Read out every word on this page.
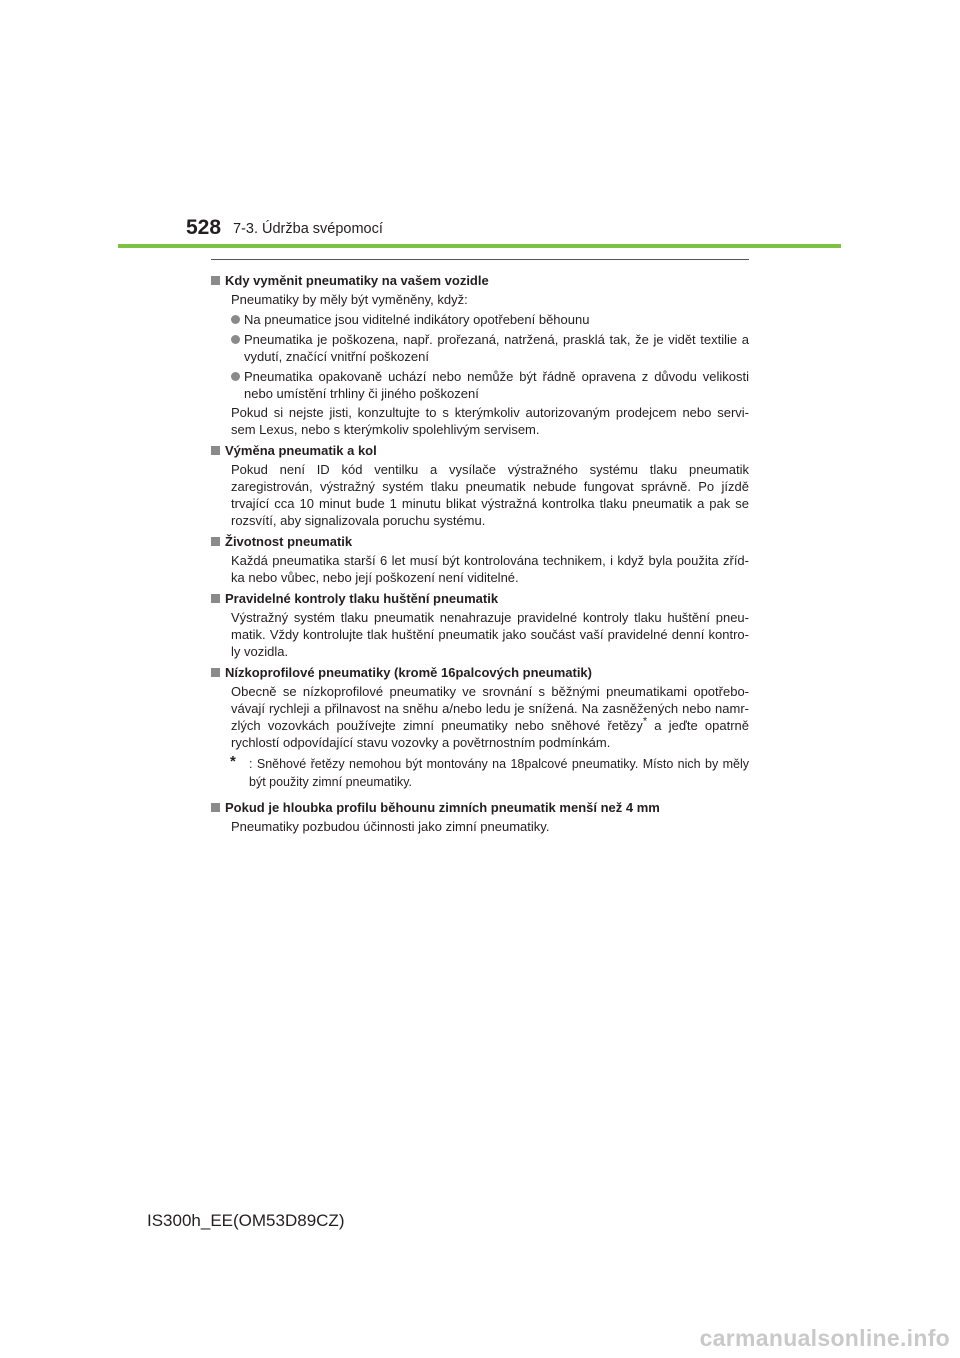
528 7-3. Údržba svépomocí
Kdy vyměnit pneumatiky na vašem vozidle
Pneumatiky by měly být vyměněny, když:
Na pneumatice jsou viditelné indikátory opotřebení běhounu
Pneumatika je poškozena, např. prořezaná, natržená, prasklá tak, že je vidět textilie a vydutí, značící vnitřní poškození
Pneumatika opakovaně uchází nebo nemůže být řádně opravena z důvodu velikosti nebo umístění trhliny či jiného poškození
Pokud si nejste jisti, konzultujte to s kterýmkoliv autorizovaným prodejcem nebo servi-sem Lexus, nebo s kterýmkoliv spolehlivým servisem.
Výměna pneumatik a kol
Pokud není ID kód ventilku a vysílače výstražného systému tlaku pneumatik zaregistrován, výstražný systém tlaku pneumatik nebude fungovat správně. Po jízdě trvající cca 10 minut bude 1 minutu blikat výstražná kontrolka tlaku pneumatik a pak se rozsvítí, aby signalizovala poruchu systému.
Životnost pneumatik
Každá pneumatika starší 6 let musí být kontrolována technikem, i když byla použita zříd-ka nebo vůbec, nebo její poškození není viditelné.
Pravidelné kontroly tlaku huštění pneumatik
Výstražný systém tlaku pneumatik nenahrazuje pravidelné kontroly tlaku huštění pneu-matik. Vždy kontrolujte tlak huštění pneumatik jako součást vaší pravidelné denní kontro-ly vozidla.
Nízkoprofilové pneumatiky (kromě 16palcových pneumatik)
Obecně se nízkoprofilové pneumatiky ve srovnání s běžnými pneumatikami opotřebo-vávají rychleji a přilnavost na sněhu a/nebo ledu je snížená. Na zasněžených nebo namr-zlých vozovkách používejte zimní pneumatiky nebo sněhové řetězy* a jeďte opatrně rychlostí odpovídající stavu vozovky a povětrnostním podmínkám.
* : Sněhové řetězy nemohou být montovány na 18palcové pneumatiky. Místo nich by měly být použity zimní pneumatiky.
Pokud je hloubka profilu běhounu zimních pneumatik menší než 4 mm
Pneumatiky pozbudou účinnosti jako zimní pneumatiky.
IS300h_EE(OM53D89CZ)
carmanualsonline.info
